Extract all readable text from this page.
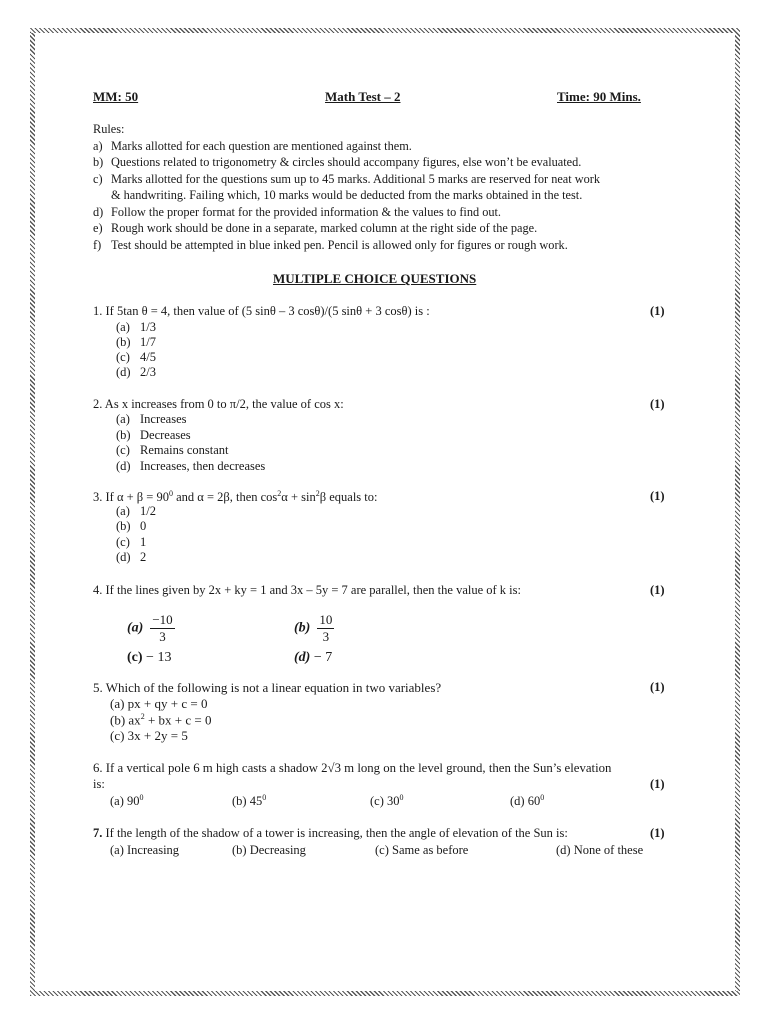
MM: 50	Math Test – 2	Time: 90 Mins.
Rules:
a) Marks allotted for each question are mentioned against them.
b) Questions related to trigonometry & circles should accompany figures, else won’t be evaluated.
c) Marks allotted for the questions sum up to 45 marks. Additional 5 marks are reserved for neat work
& handwriting. Failing which, 10 marks would be deducted from the marks obtained in the test.
d) Follow the proper format for the provided information & the values to find out.
e) Rough work should be done in a separate, marked column at the right side of the page.
f) Test should be attempted in blue inked pen. Pencil is allowed only for figures or rough work.
MULTIPLE CHOICE QUESTIONS
1. If 5tan θ = 4, then value of (5 sinθ – 3 cosθ)/(5 sinθ + 3 cosθ) is :	(1)
(a) 1/3
(b) 1/7
(c) 4/5
(d) 2/3
2. As x increases from 0 to π/2, the value of cos x:	(1)
(a) Increases
(b) Decreases
(c) Remains constant
(d) Increases, then decreases
3. If $\alpha + \beta = 90^0$ and α = 2β, then $\cos^2\alpha + \sin^2\beta$ equals to:	(1)
(a) 1/2
(b) 0
(c) 1
(d) 2
4. If the lines given by 2x + ky = 1 and 3x – 5y = 7 are parallel, then the value of k is:	(1)
$(a) \frac{-10}{3}$	$(b) \frac{10}{3}$
(c) − 13	(d) − 7
5. Which of the following is not a linear equation in two variables?	(1)
(a) px + qy + c = 0
(b) $ax^2$ + bx + c = 0
(c) 3x + 2y = 5
6. If a vertical pole 6 m high casts a shadow 2√3 m long on the level ground, then the Sun’s elevation
is:	(1)
(a) $90^0$	(b) $45^0$	(c) $30^0$	(d) $60^0$
7. If the length of the shadow of a tower is increasing, then the angle of elevation of the Sun is:	(1)
(a) Increasing	(b) Decreasing	(c) Same as before	(d) None of these
